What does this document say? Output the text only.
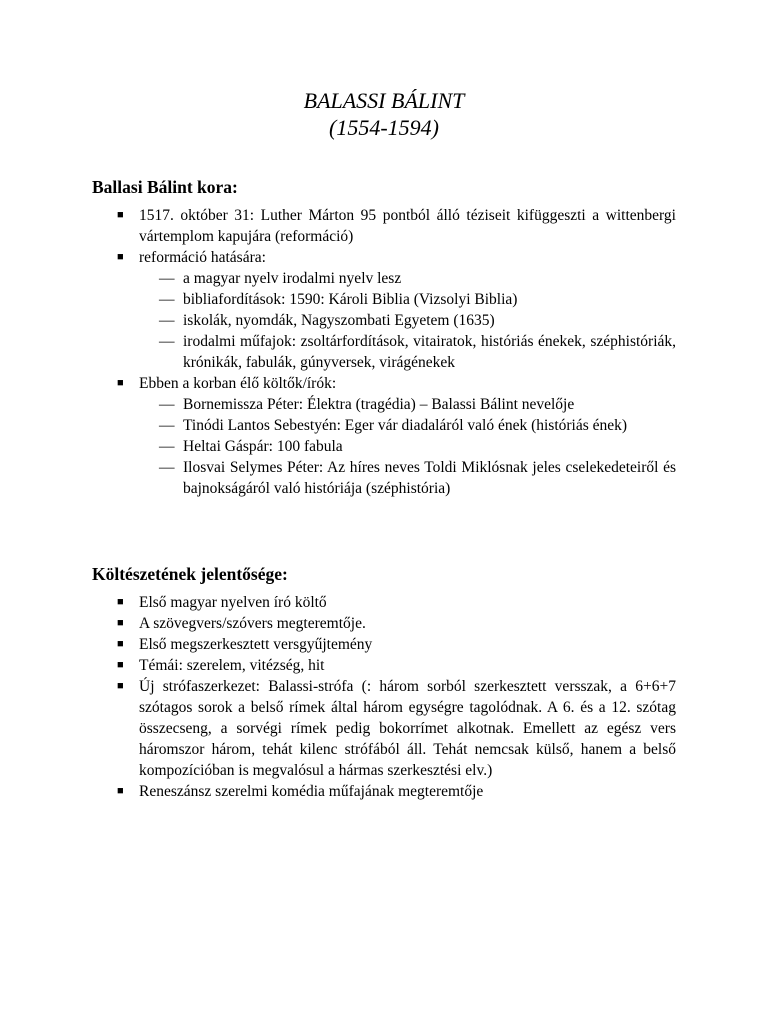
BALASSI BÁLINT
(1554-1594)
Ballasi Bálint kora:
■ 1517. október 31: Luther Márton 95 pontból álló téziseit kifüggeszti a wittenbergi vártemplom kapujára (reformáció)
■ reformáció hatására:
— a magyar nyelv irodalmi nyelv lesz
— bibliafordítások: 1590: Károli Biblia (Vizsolyi Biblia)
— iskolák, nyomdák, Nagyszombati Egyetem (1635)
— irodalmi műfajok: zsoltárfordítások, vitairatok, históriás énekek, széphistóriák, krónikák, fabulák, gúnyversek, virágénekek
■ Ebben a korban élő költők/írók:
— Bornemissza Péter: Élektra (tragédia) – Balassi Bálint nevelője
— Tinódi Lantos Sebestyén: Eger vár diadaláról való ének (históriás ének)
— Heltai Gáspár: 100 fabula
— Ilosvai Selymes Péter: Az híres neves Toldi Miklósnak jeles cselekedeteiről és bajnokságáról való históriája (széphistória)
Költészetének jelentősége:
■ Első magyar nyelven író költő
■ A szövegvers/szóvers megteremtője.
■ Első megszerkesztett versgyűjtemény
■ Témái: szerelem, vitézség, hit
■ Új strófaszerkezet: Balassi-strófa (: három sorból szerkesztett versszak, a 6+6+7 szótagos sorok a belső rímek által három egységre tagolódnak. A 6. és a 12. szótag összecseng, a sorvégi rímek pedig bokorrímet alkotnak. Emellett az egész vers háromszor három, tehát kilenc strófából áll. Tehát nemcsak külső, hanem a belső kompozícióban is megvalósul a hármas szerkesztési elv.)
■ Reneszánsz szerelmi komédia műfajának megteremtője
